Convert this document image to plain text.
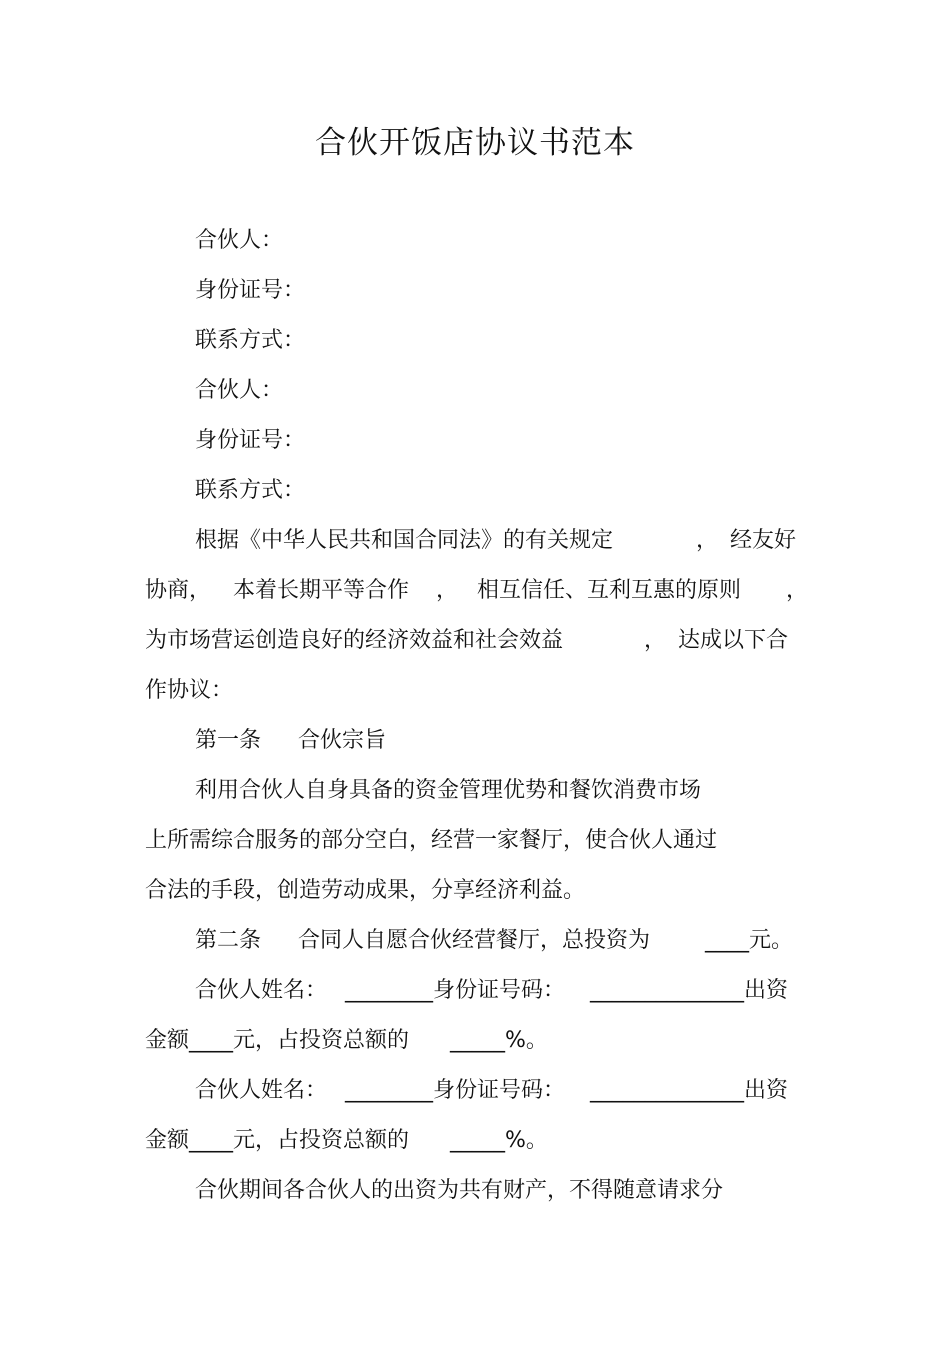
合伙开饭店协议书范本
合伙人：
身份证号：
联系方式：
合伙人：
身份证号：
联系方式：
根据《中华人民共和国合同法》的有关规定	， 经友好
协商， 本着长期平等合作 ， 相互信任、互利互惠的原则 ，
为市场营运创造良好的经济效益和社会效益	， 达成以下合
作协议：
第一条 合伙宗旨
利用合伙人自身具备的资金管理优势和餐饮消费市场
上所需综合服务的部分空白，经营一家餐厅，使合伙人通过
合法的手段，创造劳动成果，分享经济利益。
第二条 合同人自愿合伙经营餐厅，总投资为 ____元。
合伙人姓名： ________身份证号码： ______________出资
金额____元，占投资总额的 _____%。
合伙人姓名： ________身份证号码： ______________出资
金额____元，占投资总额的 _____%。
合伙期间各合伙人的出资为共有财产，不得随意请求分
